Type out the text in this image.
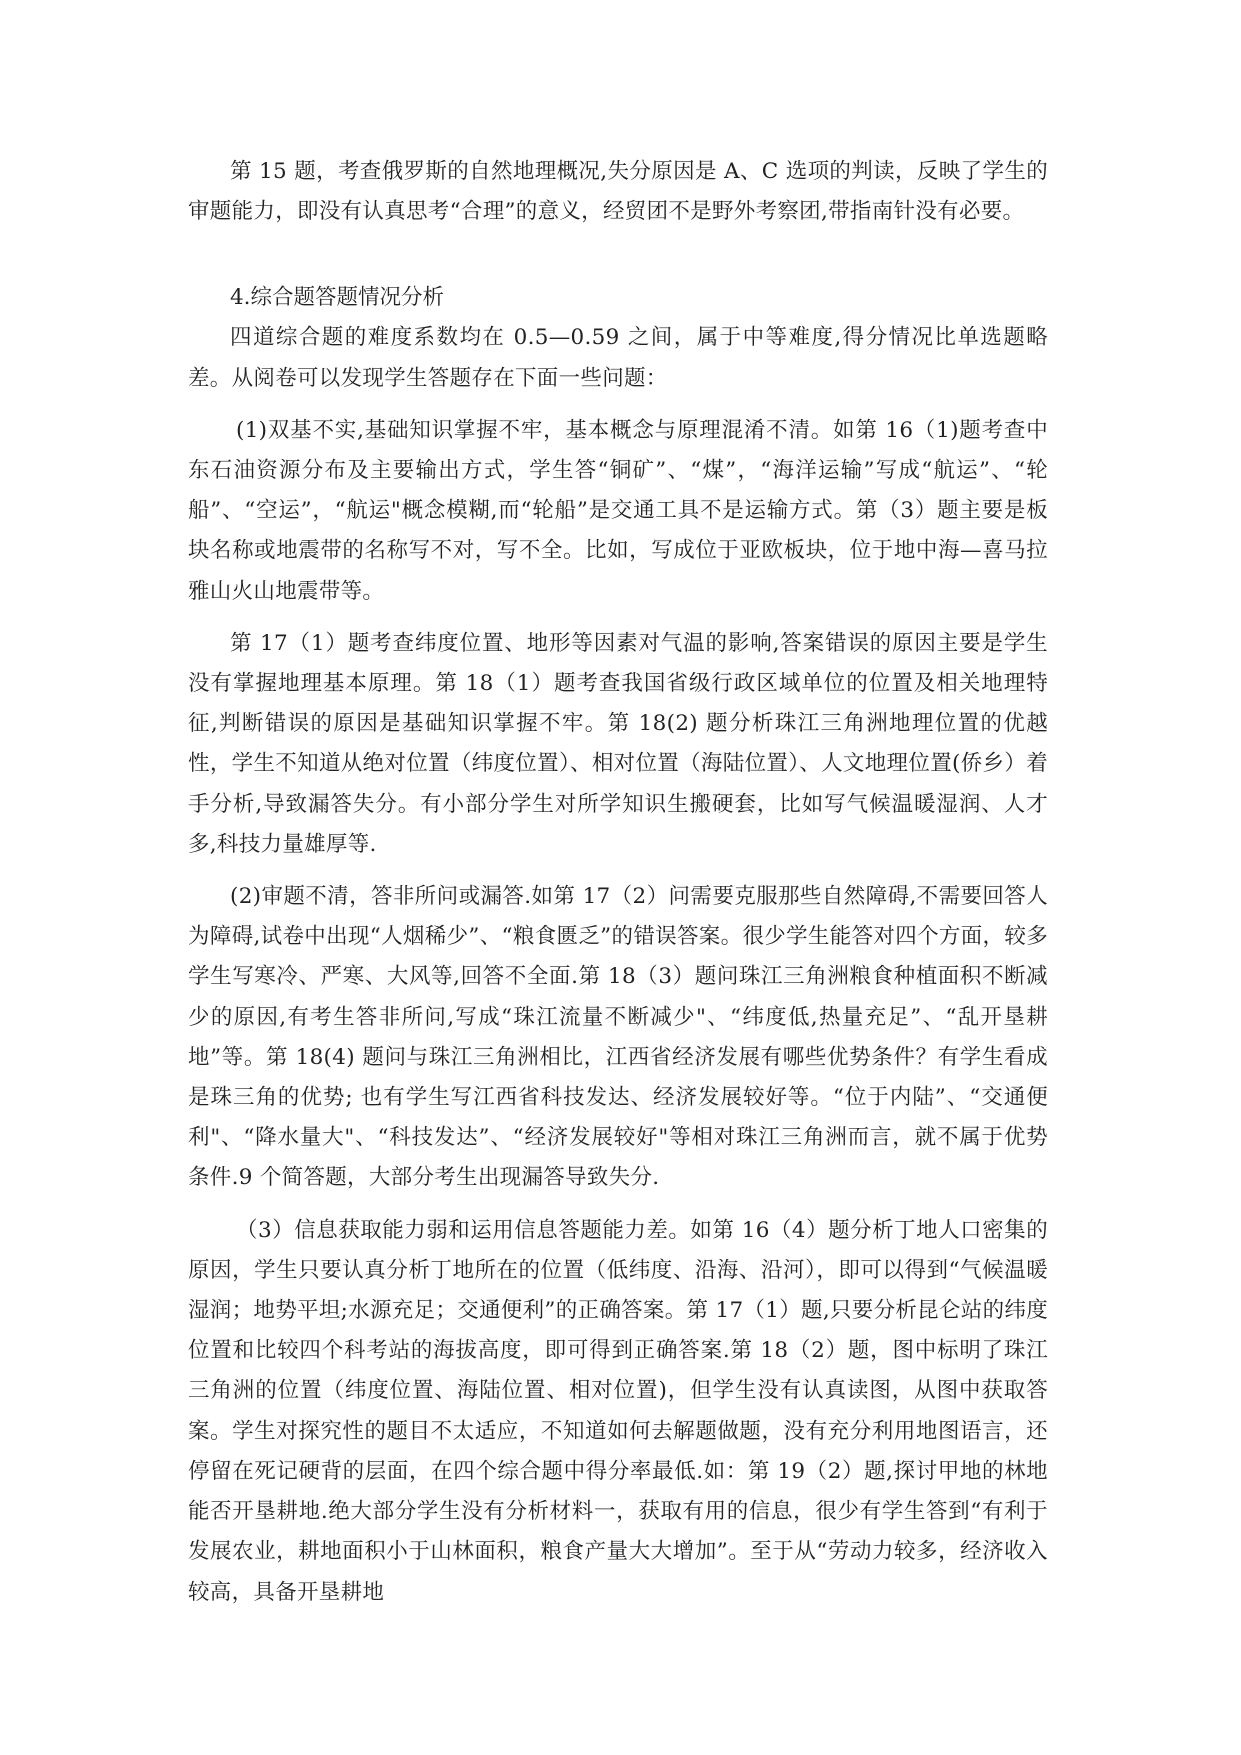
第 15 题，考查俄罗斯的自然地理概况,失分原因是 A、C 选项的判读，反映了学生的审题能力，即没有认真思考“合理”的意义，经贸团不是野外考察团,带指南针没有必要。

4.综合题答题情况分析

四道综合题的难度系数均在 0.5—0.59 之间，属于中等难度,得分情况比单选题略差。从阅卷可以发现学生答题存在下面一些问题：

(1)双基不实,基础知识掌握不牢，基本概念与原理混淆不清。如第 16（1)题考查中东石油资源分布及主要输出方式，学生答“铜矿”、“煤”，“海洋运输”写成“航运”、“轮船”、“空运”，“航运"概念模糊,而“轮船”是交通工具不是运输方式。第（3）题主要是板块名称或地震带的名称写不对，写不全。比如，写成位于亚欧板块，位于地中海—喜马拉雅山火山地震带等。

第 17（1）题考查纬度位置、地形等因素对气温的影响,答案错误的原因主要是学生没有掌握地理基本原理。第 18（1）题考查我国省级行政区域单位的位置及相关地理特征,判断错误的原因是基础知识掌握不牢。第 18(2) 题分析珠江三角洲地理位置的优越性，学生不知道从绝对位置（纬度位置）、相对位置（海陆位置）、人文地理位置(侨乡）着手分析,导致漏答失分。有小部分学生对所学知识生搬硬套，比如写气候温暖湿润、人才多,科技力量雄厚等.

(2)审题不清，答非所问或漏答.如第 17（2）问需要克服那些自然障碍,不需要回答人为障碍,试卷中出现“人烟稀少”、“粮食匮乏”的错误答案。很少学生能答对四个方面，较多学生写寒冷、严寒、大风等,回答不全面.第 18（3）题问珠江三角洲粮食种植面积不断减少的原因,有考生答非所问,写成“珠江流量不断减少"、“纬度低,热量充足”、“乱开垦耕地”等。第 18(4) 题问与珠江三角洲相比，江西省经济发展有哪些优势条件？有学生看成是珠三角的优势; 也有学生写江西省科技发达、经济发展较好等。“位于内陆”、“交通便利"、“降水量大"、“科技发达”、“经济发展较好"等相对珠江三角洲而言，就不属于优势条件.9 个简答题，大部分考生出现漏答导致失分.

（3）信息获取能力弱和运用信息答题能力差。如第 16（4）题分析丁地人口密集的原因，学生只要认真分析丁地所在的位置（低纬度、沿海、沿河），即可以得到“气候温暖湿润；地势平坦;水源充足；交通便利”的正确答案。第 17（1）题,只要分析昆仑站的纬度位置和比较四个科考站的海拔高度，即可得到正确答案.第 18（2）题，图中标明了珠江三角洲的位置（纬度位置、海陆位置、相对位置)，但学生没有认真读图，从图中获取答案。学生对探究性的题目不太适应，不知道如何去解题做题，没有充分利用地图语言，还停留在死记硬背的层面，在四个综合题中得分率最低.如：第 19（2）题,探讨甲地的林地能否开垦耕地.绝大部分学生没有分析材料一，获取有用的信息，很少有学生答到“有利于发展农业，耕地面积小于山林面积，粮食产量大大增加”。至于从“劳动力较多，经济收入较高，具备开垦耕地
